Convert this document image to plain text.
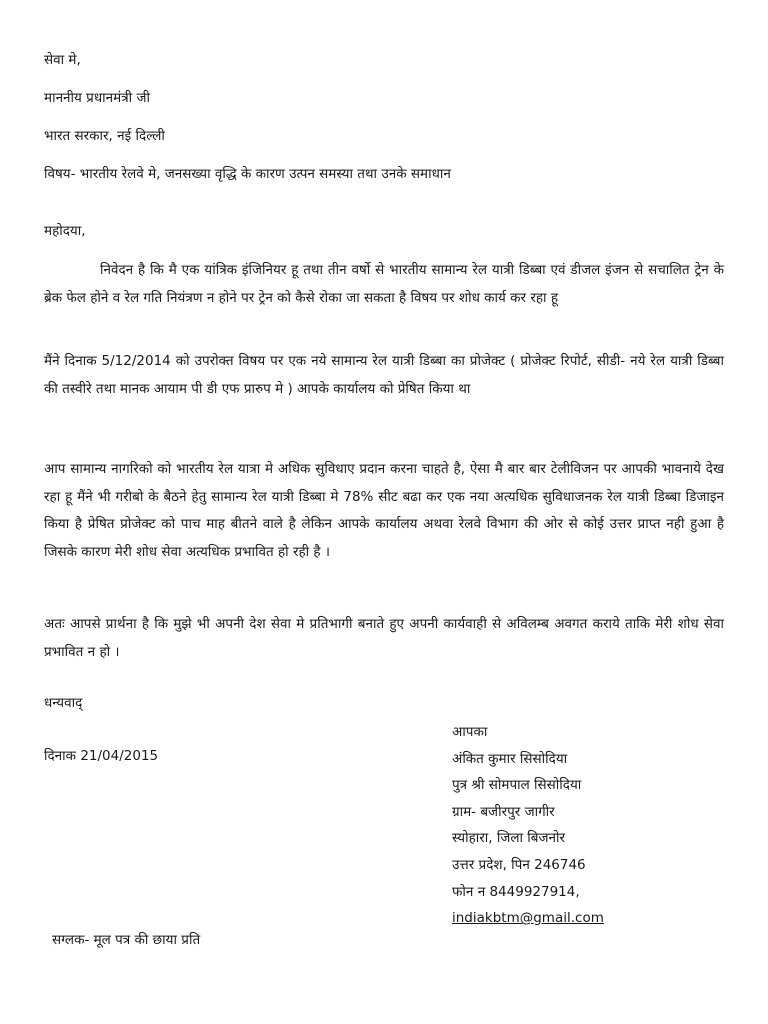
सेवा मे,

माननीय प्रधानमंत्री जी

भारत सरकार, नई दिल्ली

विषय- भारतीय रेलवे मे, जनसख्या वृद्धि के कारण उत्पन समस्या तथा उनके समाधान

महोदया,

निवेदन है कि मै एक यांत्रिक इंजिनियर हू तथा तीन वर्षो से भारतीय सामान्य रेल यात्री डिब्बा एवं डीजल इंजन से सचालित ट्रेन के ब्रेक फेल होने व रेल गति नियंत्रण न होने पर ट्रेन को कैसे रोका जा सकता है विषय पर शोध कार्य कर रहा हू

मैंने दिनाक 5/12/2014 को उपरोक्त विषय पर एक नये सामान्य रेल यात्री डिब्बा का प्रोजेक्ट ( प्रोजेक्ट रिपोर्ट, सीडी- नये रेल यात्री डिब्बा की तस्वीरे तथा मानक आयाम पी डी एफ प्रारुप मे ) आपके कार्यालय को प्रेषित किया था

आप सामान्य नागरिको को भारतीय रेल यात्रा मे अधिक सुविधाए प्रदान करना चाहते है, ऐसा मै बार बार टेलीविजन पर आपकी भावनाये देख रहा हू मैंने भी गरीबो के बैठने हेतु सामान्य रेल यात्री डिब्बा मे 78% सीट बढा कर एक नया अत्यधिक सुविधाजनक रेल यात्री डिब्बा डिजाइन किया है प्रेषित प्रोजेक्ट को पाच माह बीतने वाले है लेकिन आपके कार्यालय अथवा रेलवे विभाग की ओर से कोई उत्तर प्राप्त नही हुआ है जिसके कारण मेरी शोध सेवा अत्यधिक प्रभावित हो रही है ।

अतः आपसे प्रार्थना है कि मुझे भी अपनी देश सेवा मे प्रतिभागी बनाते हुए अपनी कार्यवाही से अविलम्ब अवगत कराये ताकि मेरी शोध सेवा प्रभावित न हो ।

धन्यवाद्

दिनाक 21/04/2015

आपका
अंकित कुमार सिसोदिया
पुत्र श्री सोमपाल सिसोदिया
ग्राम- बजीरपुर जागीर
स्योहारा, जिला बिजनोर
उत्तर प्रदेश, पिन 246746
फोन न 8449927914,
indiakbtm@gmail.com

सग्लक- मूल पत्र की छाया प्रति
